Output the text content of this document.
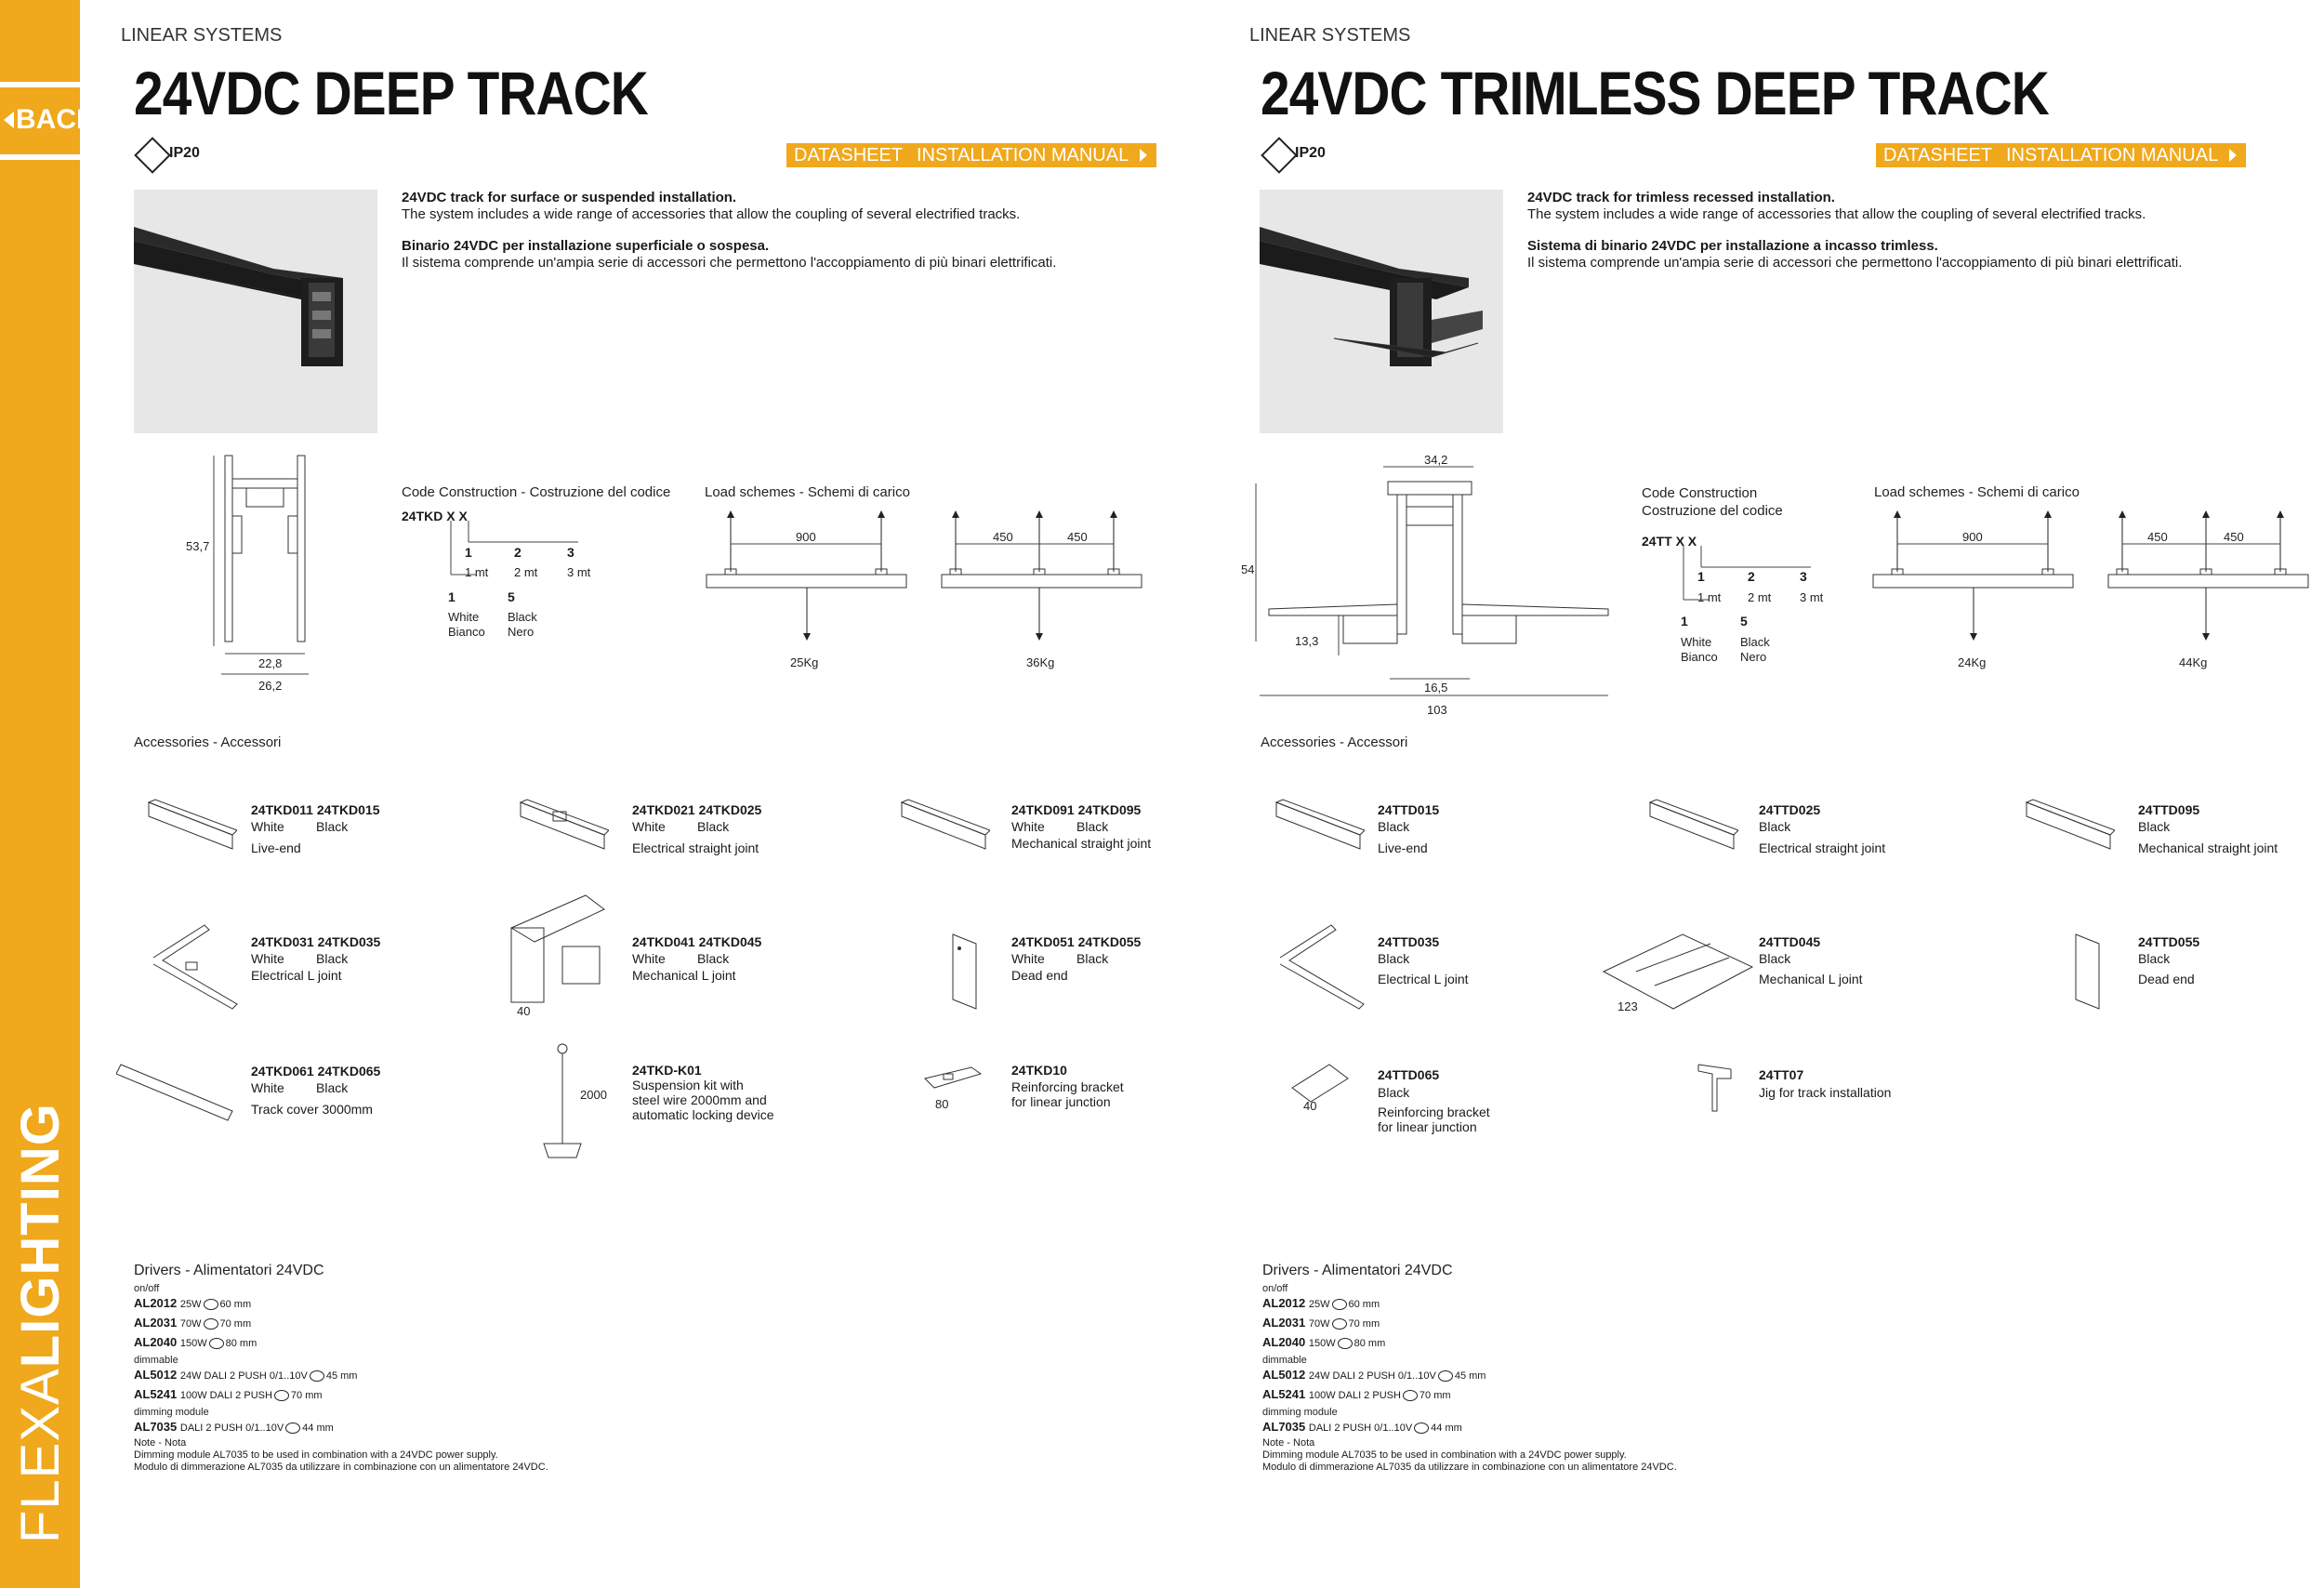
BACK
FLEXALIGHTING
LINEAR SYSTEMS
24VDC DEEP TRACK
IP20	DATASHEET INSTALLATION MANUAL
24VDC track for surface or suspended installation.
The system includes a wide range of accessories that allow the coupling of several electrified tracks.
Binario 24VDC per installazione superficiale o sospesa.
Il sistema comprende un'ampia serie di accessori che permettono l'accoppiamento di più binari elettrificati.
53,7
22,8
26,2
Code Construction - Costruzione del codice
24TKD X X
1	2	3
1 mt 2 mt 3 mt
1	5
White Black
Bianco Nero
Load schemes - Schemi di carico
900
25Kg
450	450
36Kg
Accessories - Accessori
40
2000
80
24TKD011 24TKD015
White Black
Live-end
24TKD021 24TKD025
White Black
Electrical straight joint
24TKD091 24TKD095
White Black
Mechanical straight joint
24TKD031 24TKD035
White Black
Electrical L joint
24TKD041 24TKD045
White Black
Mechanical L joint
24TKD051 24TKD055
White Black
Dead end
24TKD061 24TKD065
White Black
Track cover 3000mm
24TKD-K01
Suspension kit with
steel wire 2000mm and
automatic locking device
24TKD10
Reinforcing bracket
for linear junction
Drivers - Alimentatori 24VDC
on/off
AL2012 25W 60 mm
AL2031 70W 70 mm
AL2040 150W 80 mm
dimmable
AL5012 24W DALI 2 PUSH 0/1..10V 45 mm
AL5241 100W DALI 2 PUSH 70 mm
dimming module
AL7035 DALI 2 PUSH 0/1..10V 44 mm
Note - Nota
Dimming module AL7035 to be used in combination with a 24VDC power supply.
Modulo di dimmerazione AL7035 da utilizzare in combinazione con un alimentatore 24VDC.
LINEAR SYSTEMS
24VDC TRIMLESS DEEP TRACK
IP20	DATASHEET INSTALLATION MANUAL
24VDC track for trimless recessed installation.
The system includes a wide range of accessories that allow the coupling of several electrified tracks.
Sistema di binario 24VDC per installazione a incasso trimless.
Il sistema comprende un'ampia serie di accessori che permettono l'accoppiamento di più binari elettrificati.
34,2
54
13,3
16,5
103
Code Construction
Costruzione del codice
24TT X X
1	2	3
1 mt 2 mt 3 mt
1	5
White Black
Bianco Nero
Load schemes - Schemi di carico
900
24Kg
450	450
44Kg
Accessories - Accessori
123
40
24TTD015
Black
Live-end
24TTD025
Black
Electrical straight joint
24TTD095
Black
Mechanical straight joint
24TTD035
Black
Electrical L joint
24TTD045
Black
Mechanical L joint
24TTD055
Black
Dead end
24TTD065
Black
Reinforcing bracket
for linear junction
24TT07
Jig for track installation
Drivers - Alimentatori 24VDC
on/off
AL2012 25W 60 mm
AL2031 70W 70 mm
AL2040 150W 80 mm
dimmable
AL5012 24W DALI 2 PUSH 0/1..10V 45 mm
AL5241 100W DALI 2 PUSH 70 mm
dimming module
AL7035 DALI 2 PUSH 0/1..10V 44 mm
Note - Nota
Dimming module AL7035 to be used in combination with a 24VDC power supply.
Modulo di dimmerazione AL7035 da utilizzare in combinazione con un alimentatore 24VDC.
